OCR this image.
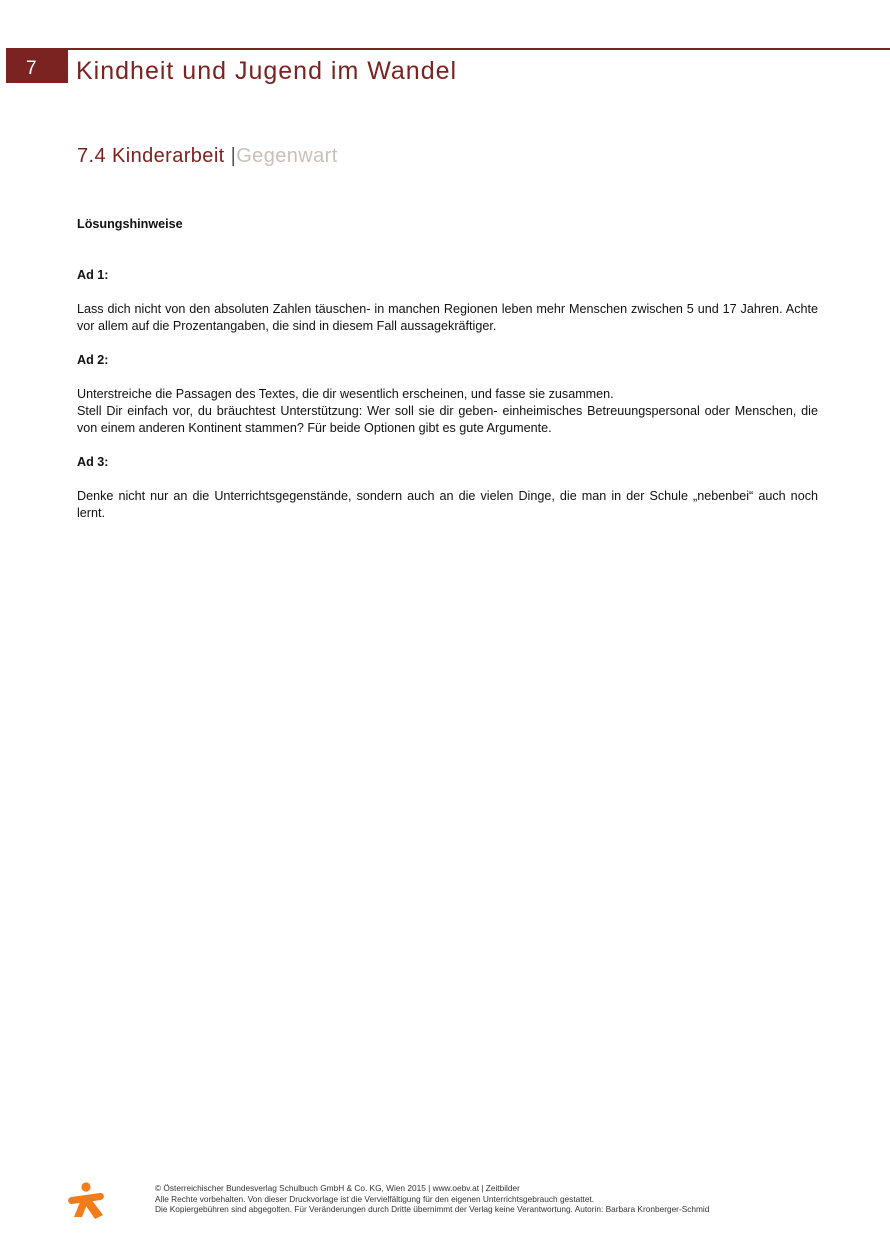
7 Kindheit und Jugend im Wandel
7.4 Kinderarbeit |Gegenwart

Lösungshinweise

Ad 1:

Lass dich nicht von den absoluten Zahlen täuschen- in manchen Regionen leben mehr Menschen zwischen 5 und 17 Jahren. Achte vor allem auf die Prozentangaben, die sind in diesem Fall aussagekräftiger.

Ad 2:

Unterstreiche die Passagen des Textes, die dir wesentlich erscheinen, und fasse sie zusammen.

Stell Dir einfach vor, du bräuchtest Unterstützung: Wer soll sie dir geben- einheimisches Betreuungspersonal oder Menschen, die von einem anderen Kontinent stammen? Für beide Optionen gibt es gute Argumente.

Ad 3:

Denke nicht nur an die Unterrichtsgegenstände, sondern auch an die vielen Dinge, die man in der Schule „nebenbei“ auch noch lernt.

© Österreichischer Bundesverlag Schulbuch GmbH & Co. KG, Wien 2015 | www.oebv.at | Zeitbilder
Alle Rechte vorbehalten. Von dieser Druckvorlage ist die Vervielfältigung für den eigenen Unterrichtsgebrauch gestattet.
Die Kopiergebühren sind abgegolten. Für Veränderungen durch Dritte übernimmt der Verlag keine Verantwortung. Autorin: Barbara Kronberger-Schmid
